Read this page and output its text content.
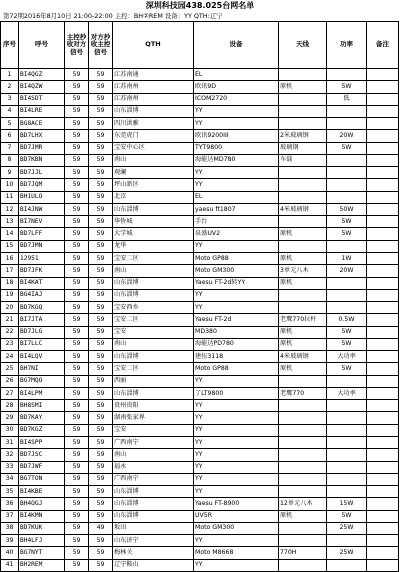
深圳科技园438.025台网名单
第72期2016年8月10日 21:00-22:00 主控：BH②REM 设备：YY QTH:辽宁
序号	呼号	主控抄收对方信号	对方抄收主控信号	QTH	设备	天线	功率	备注
1	BI4QGZ	59	59	江苏南通	EL			
2	BI4QZW	59	59	江苏南州	欧讯9D	原机	5W	
3	BI4SDT	59	59	江苏南州	ICOM2720		低	
4	BI4LRE	59	59	山东淄博	YY			
5	BG8ACE	59	59	四川洪雅	YY			
6	BD7LHX	59	59	东莞虎门	欧讯9200III	2米玻璃钢	20W	
7	BD7JMR	59	59	宝安中心区	TYT9800	玻璃钢	5W	
8	BD7KBN	59	59	南山	海能达MD780	车载		
9	BD7JJL	59	59	观澜	YY			
10	BD7JQM	59	59	坪山新区	YY			
11	BH1ULO	59	59	北京	EL			
12	BI4JNW	59	59	山东淄博	yaesu ft1807	4米玻璃钢	50W	
13	BI7NEV	59	59	华侨城	手台		5W	
14	BD7LFF	59	59	大学城	泉盛UV2	原机	5W	
15	BD7JMN	59	59	龙华	YY			
16	12951	59	59	宝安二区	Moto GP88	原机	1W	
17	BD7JFK	59	59	南山	Moto GM300	3单元八木	20W	
18	BI4KAT	59	59	山东淄博	Yaesu FT-2d转YY	原机		
19	BG4IAJ	59	59	山东淄博	YY			
20	BD7KGQ	59	59	宝安西乡	YY			
21	BI7JTA	59	59	宝安二区	Yaesu FT-2d	老鹰770拉杆	0.5W	
22	BD7JLG	59	59	宝安	MD380	原机	5W	
23	BI7LLC	59	59	南山	海能达PD780	原机	5W	
24	BI4LQV	59	59	山东淄博	建伍3118	4米玻璃钢	大功率	
25	BH7NI	59	59	宝安二区	Moto GP88	原机	5W	
26	BG7MQO	59	59	西丽	YY			
27	BI4LPM	59	59	山东淄博	了LT9800	老鹰770	大功率	
28	BH8SMI	59	59	贵州贵阳	YY			
29	BD7KAY	59	59	湖南张家界	YY			
30	BD7KGZ	59	59	宝安	YY			
31	BI4SPP	59	59	广西南宁	YY			
32	BD7JSC	59	59	南山	YY			
33	BD7JWF	59	59	福永	YY			
34	BG7TON	59	59	广西南宁	YY			
35	BI4KBE	59	59	山东淄博	YY			
36	BH4OGJ	59	59	山东淄博	Yaesu FT-8900	12单元八木	15W	
37	BI4KMN	59	59	山东淄博	UV5R	原机	5W	
38	BD7KUK	59	49	坂田	Moto GM300		25W	
39	BH4LFJ	59	59	山东济宁	YY			
40	BG7NYT	59	59	梅林关	Moto M8668	770H	25W	
41	BH2REM	59	59	辽宁鞍山	YY			
